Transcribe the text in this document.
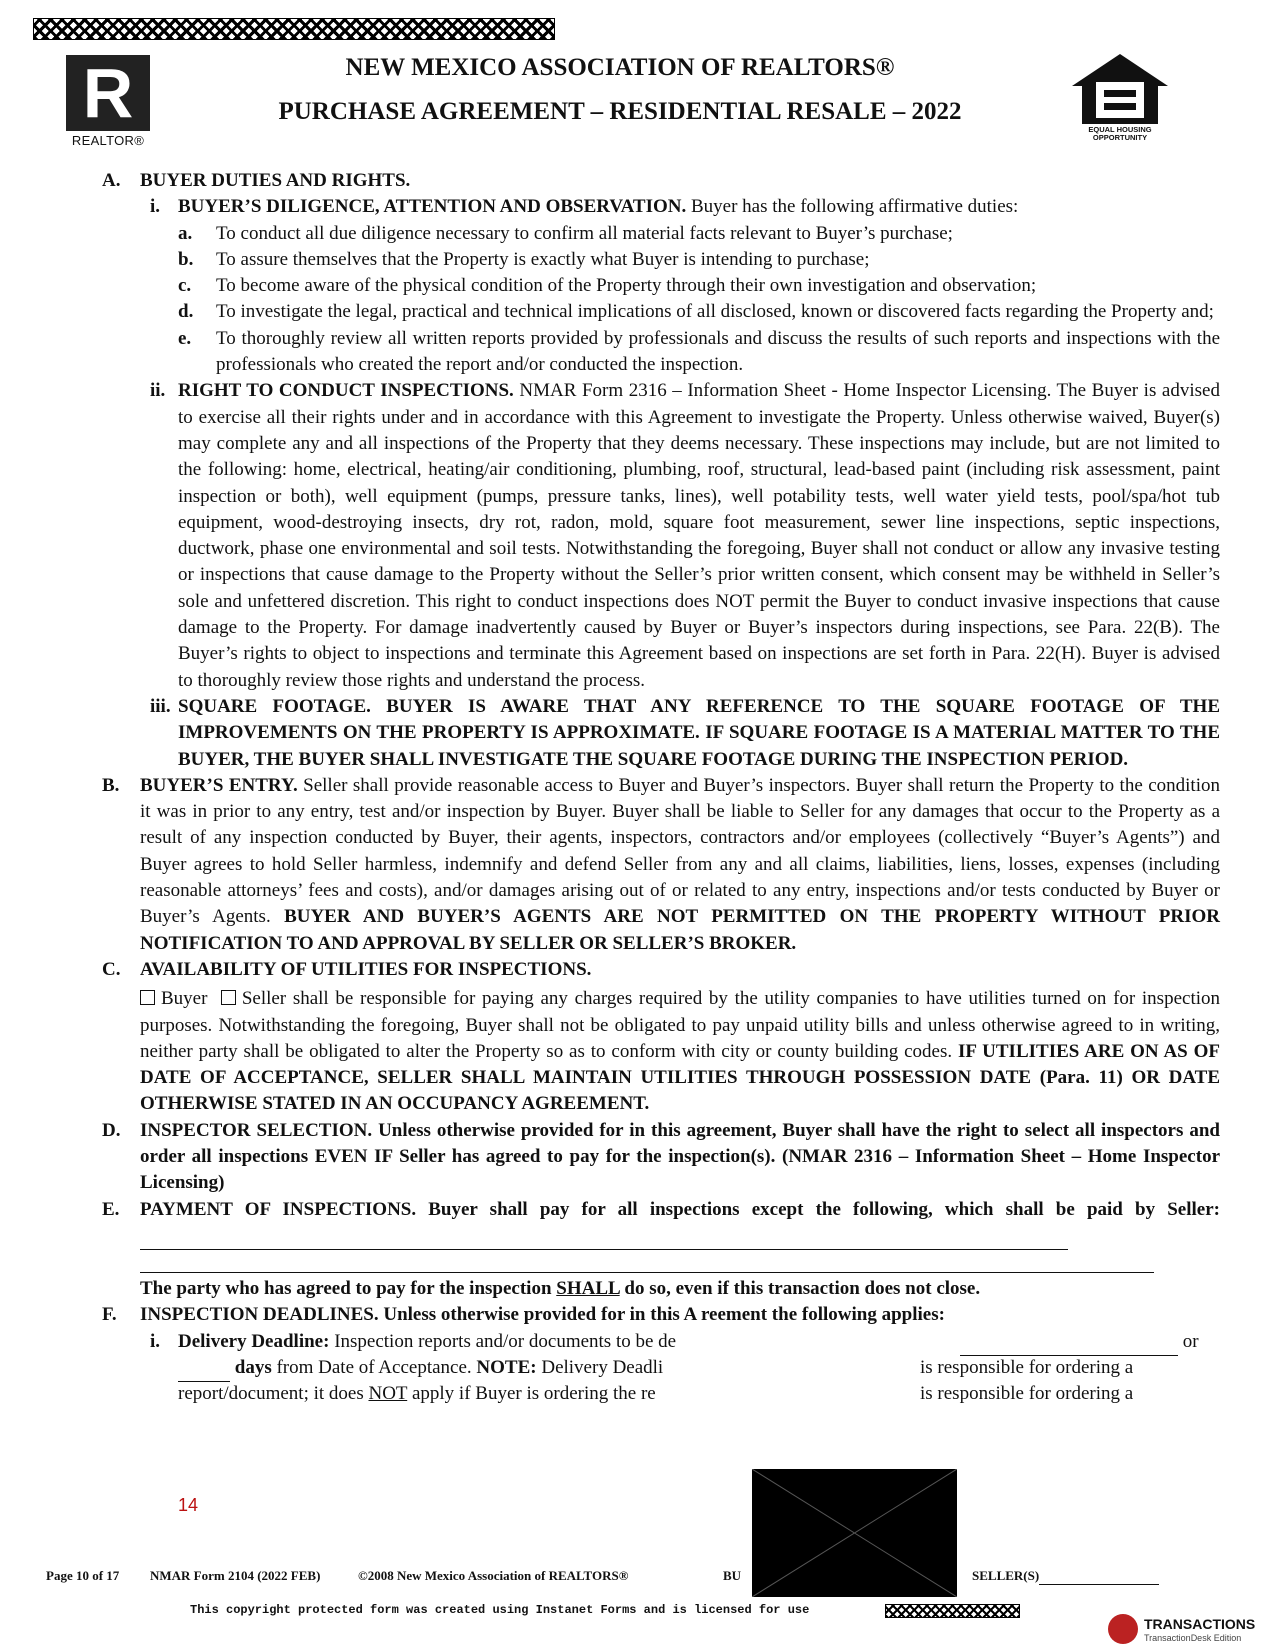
R
REALTOR®
NEW MEXICO ASSOCIATION OF REALTORS®
PURCHASE AGREEMENT – RESIDENTIAL RESALE – 2022
EQUAL HOUSING OPPORTUNITY
A. BUYER DUTIES AND RIGHTS.
i. BUYER’S DILIGENCE, ATTENTION AND OBSERVATION. Buyer has the following affirmative duties:
a. To conduct all due diligence necessary to confirm all material facts relevant to Buyer’s purchase;
b. To assure themselves that the Property is exactly what Buyer is intending to purchase;
c. To become aware of the physical condition of the Property through their own investigation and observation;
d. To investigate the legal, practical and technical implications of all disclosed, known or discovered facts regarding the Property and;
e. To thoroughly review all written reports provided by professionals and discuss the results of such reports and inspections with the professionals who created the report and/or conducted the inspection.
ii. RIGHT TO CONDUCT INSPECTIONS. NMAR Form 2316 – Information Sheet - Home Inspector Licensing. The Buyer is advised to exercise all their rights under and in accordance with this Agreement to investigate the Property. Unless otherwise waived, Buyer(s) may complete any and all inspections of the Property that they deems necessary. These inspections may include, but are not limited to the following: home, electrical, heating/air conditioning, plumbing, roof, structural, lead-based paint (including risk assessment, paint inspection or both), well equipment (pumps, pressure tanks, lines), well potability tests, well water yield tests, pool/spa/hot tub equipment, wood-destroying insects, dry rot, radon, mold, square foot measurement, sewer line inspections, septic inspections, ductwork, phase one environmental and soil tests. Notwithstanding the foregoing, Buyer shall not conduct or allow any invasive testing or inspections that cause damage to the Property without the Seller’s prior written consent, which consent may be withheld in Seller’s sole and unfettered discretion. This right to conduct inspections does NOT permit the Buyer to conduct invasive inspections that cause damage to the Property. For damage inadvertently caused by Buyer or Buyer’s inspectors during inspections, see Para. 22(B). The Buyer’s rights to object to inspections and terminate this Agreement based on inspections are set forth in Para. 22(H). Buyer is advised to thoroughly review those rights and understand the process.
iii. SQUARE FOOTAGE. BUYER IS AWARE THAT ANY REFERENCE TO THE SQUARE FOOTAGE OF THE IMPROVEMENTS ON THE PROPERTY IS APPROXIMATE. IF SQUARE FOOTAGE IS A MATERIAL MATTER TO THE BUYER, THE BUYER SHALL INVESTIGATE THE SQUARE FOOTAGE DURING THE INSPECTION PERIOD.
B. BUYER’S ENTRY. Seller shall provide reasonable access to Buyer and Buyer’s inspectors. Buyer shall return the Property to the condition it was in prior to any entry, test and/or inspection by Buyer. Buyer shall be liable to Seller for any damages that occur to the Property as a result of any inspection conducted by Buyer, their agents, inspectors, contractors and/or employees (collectively “Buyer’s Agents”) and Buyer agrees to hold Seller harmless, indemnify and defend Seller from any and all claims, liabilities, liens, losses, expenses (including reasonable attorneys’ fees and costs), and/or damages arising out of or related to any entry, inspections and/or tests conducted by Buyer or Buyer’s Agents. BUYER AND BUYER’S AGENTS ARE NOT PERMITTED ON THE PROPERTY WITHOUT PRIOR NOTIFICATION TO AND APPROVAL BY SELLER OR SELLER’S BROKER.
C. AVAILABILITY OF UTILITIES FOR INSPECTIONS.
Buyer Seller shall be responsible for paying any charges required by the utility companies to have utilities turned on for inspection purposes. Notwithstanding the foregoing, Buyer shall not be obligated to pay unpaid utility bills and unless otherwise agreed to in writing, neither party shall be obligated to alter the Property so as to conform with city or county building codes. IF UTILITIES ARE ON AS OF DATE OF ACCEPTANCE, SELLER SHALL MAINTAIN UTILITIES THROUGH POSSESSION DATE (Para. 11) OR DATE OTHERWISE STATED IN AN OCCUPANCY AGREEMENT.
D. INSPECTOR SELECTION. Unless otherwise provided for in this agreement, Buyer shall have the right to select all inspectors and order all inspections EVEN IF Seller has agreed to pay for the inspection(s). (NMAR 2316 – Information Sheet – Home Inspector Licensing)
E. PAYMENT OF INSPECTIONS. Buyer shall pay for all inspections except the following, which shall be paid by Seller:
The party who has agreed to pay for the inspection SHALL do so, even if this transaction does not close.
F. INSPECTION DEADLINES. Unless otherwise provided for in this A reement the following applies:
i. Delivery Deadline: Inspection reports and/or documents to be de	or
days from Date of Acceptance. NOTE: Delivery Deadli	is responsible for ordering a
report/document; it does NOT apply if Buyer is ordering the re	is responsible for ordering a
14
Page 10 of 17 NMAR Form 2104 (2022 FEB)	©2008 New Mexico Association of REALTORS®	BU	SELLER(S)
This copyright protected form was created using Instanet Forms and is licensed for use
TRANSACTIONS
TransactionDesk Edition
